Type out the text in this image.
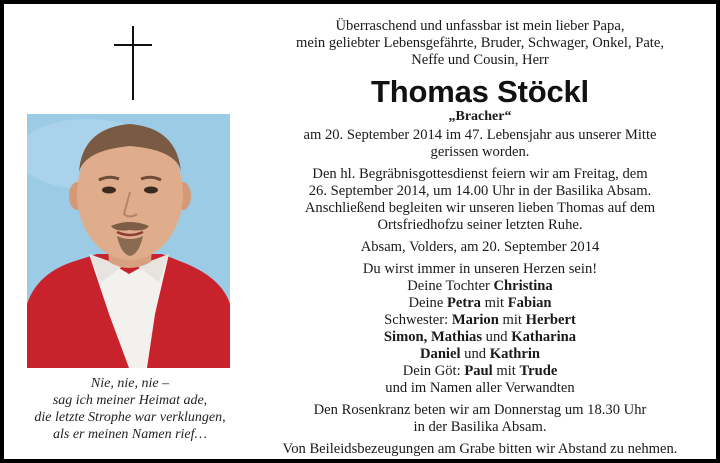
Nie, nie, nie –
sag ich meiner Heimat ade,
die letzte Strophe war verklungen,
als er meinen Namen rief…
Überraschend und unfassbar ist mein lieber Papa,
mein geliebter Lebensgefährte, Bruder, Schwager, Onkel, Pate,
Neffe und Cousin, Herr
Thomas Stöckl
„Bracher“
am 20. September 2014 im 47. Lebensjahr aus unserer Mitte
gerissen worden.
Den hl. Begräbnisgottesdienst feiern wir am Freitag, dem
26. September 2014, um 14.00 Uhr in der Basilika Absam.
Anschließend begleiten wir unseren lieben Thomas auf dem
Ortsfriedhofzu seiner letzten Ruhe.
Absam, Volders, am 20. September 2014
Du wirst immer in unseren Herzen sein!
Deine Tochter Christina
Deine Petra mit Fabian
Schwester: Marion mit Herbert
Simon, Mathias und Katharina
Daniel und Kathrin
Dein Göt: Paul mit Trude
und im Namen aller Verwandten
Den Rosenkranz beten wir am Donnerstag um 18.30 Uhr
in der Basilika Absam.
Von Beileidsbezeugungen am Grabe bitten wir Abstand zu nehmen.
